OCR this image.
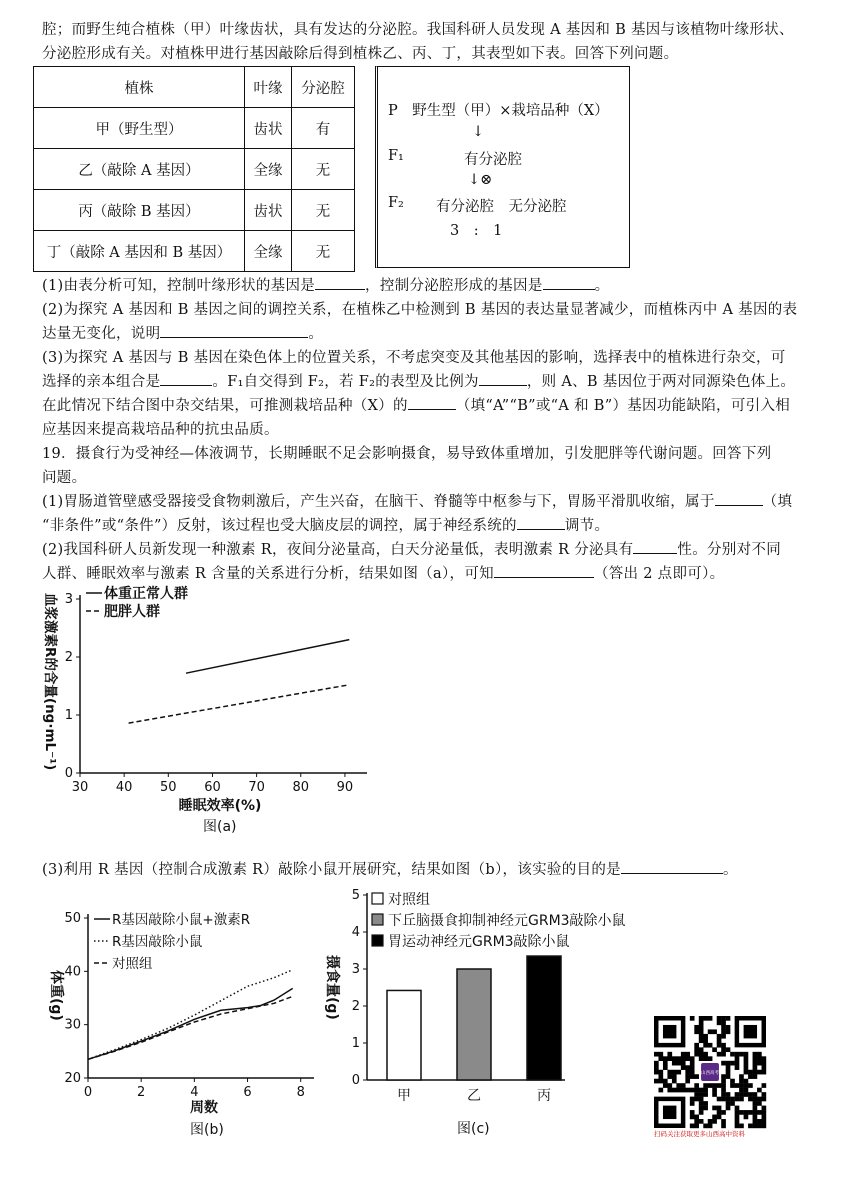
腔；而野生纯合植株（甲）叶缘齿状，具有发达的分泌腔。我国科研人员发现 A 基因和 B 基因与该植物叶缘形状、
分泌腔形成有关。对植株甲进行基因敲除后得到植株乙、丙、丁，其表型如下表。回答下列问题。
植株	叶缘	分泌腔
甲（野生型）	齿状	有
乙（敲除 A 基因）	全缘	无
丙（敲除 B 基因）	齿状	无
丁（敲除 A 基因和 B 基因）	全缘	无
P　野生型（甲）×栽培品种（X）
↓
F₁	有分泌腔
↓⊗
F₂ 有分泌腔　无分泌腔
3　:　1
(1)由表分析可知，控制叶缘形状的基因是	，控制分泌腔形成的基因是	。
(2)为探究 A 基因和 B 基因之间的调控关系，在植株乙中检测到 B 基因的表达量显著减少，而植株丙中 A 基因的表
达量无变化，说明	。
(3)为探究 A 基因与 B 基因在染色体上的位置关系，不考虑突变及其他基因的影响，选择表中的植株进行杂交，可
选择的亲本组合是	。F₁自交得到 F₂，若 F₂的表型及比例为	，则 A、B 基因位于两对同源染色体上。
在此情况下结合图中杂交结果，可推测栽培品种（X）的	（填“A”“B”或“A 和 B”）基因功能缺陷，可引入相
应基因来提高栽培品种的抗虫品质。
19．摄食行为受神经—体液调节，长期睡眠不足会影响摄食，易导致体重增加，引发肥胖等代谢问题。回答下列
问题。
(1)胃肠道管壁感受器接受食物刺激后，产生兴奋，在脑干、脊髓等中枢参与下，胃肠平滑肌收缩，属于	（填
“非条件”或“条件”）反射，该过程也受大脑皮层的调控，属于神经系统的	调节。
(2)我国科研人员新发现一种激素 R，夜间分泌量高，白天分泌量低，表明激素 R 分泌具有	性。分别对不同
人群、睡眠效率与激素 R 含量的关系进行分析，结果如图（a），可知	（答出 2 点即可）。
30 40 50 60 70 80 90
0
1
2
3 体重正常人群
肥胖人群
血浆激素R的含量(ng·mL⁻¹)
睡眠效率(%)
图(a)
(3)利用 R 基因（控制合成激素 R）敲除小鼠开展研究，结果如图（b），该实验的目的是	。
0	2	4	6	8
20
30
40
50 R基因敲除小鼠+激素R
R基因敲除小鼠
对照组
体重(g)
周数
图(b)
0
1
2
3
4
5
甲	乙	丙
对照组
下丘脑摄食抑制神经元GRM3敲除小鼠
胃运动神经元GRM3敲除小鼠
摄食量(g)
图(c)
山西高考
扫码关注获取更多山西高中资料
